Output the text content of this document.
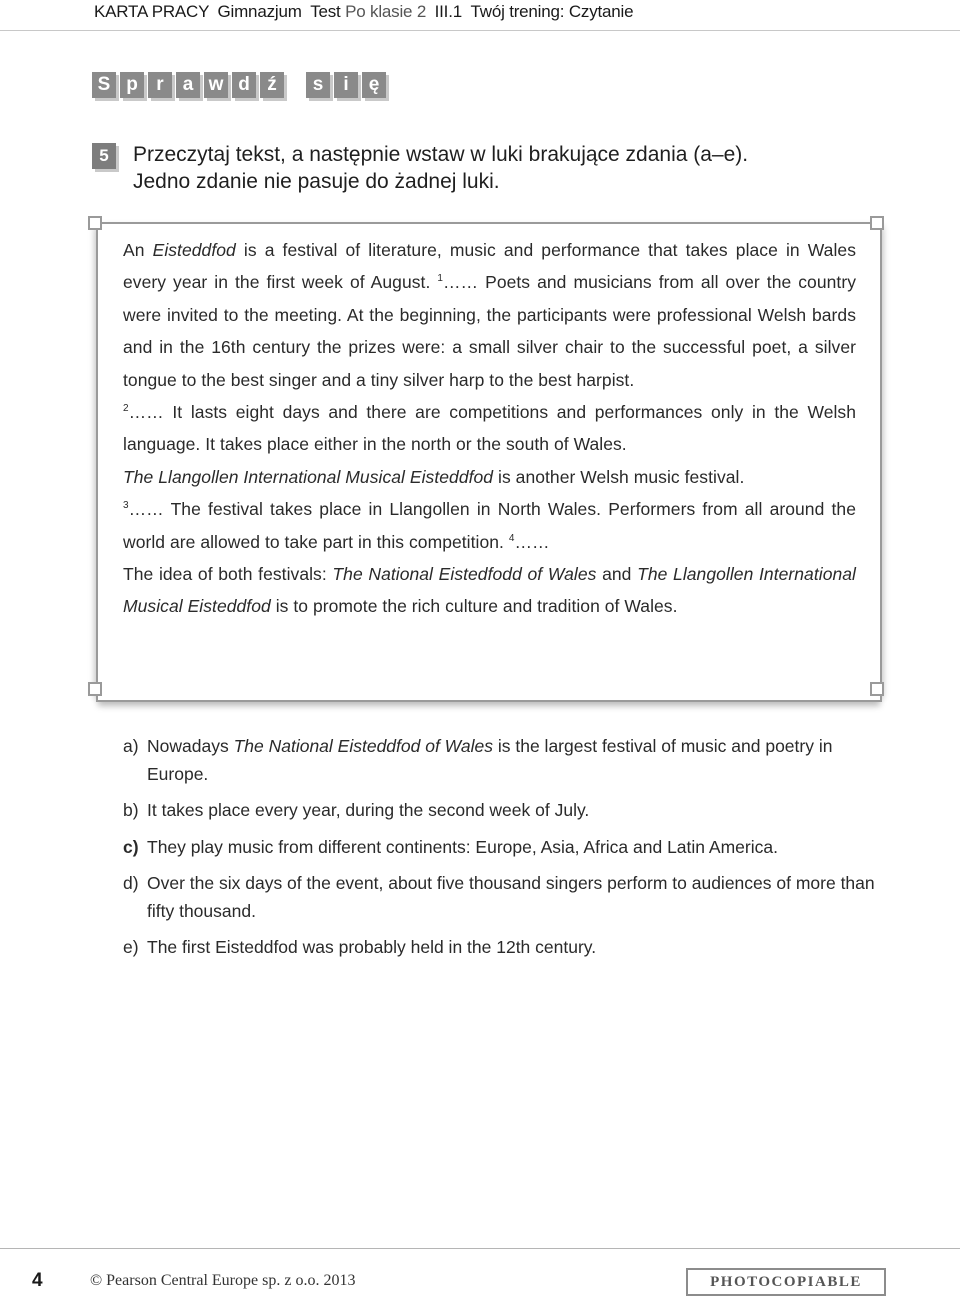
KARTA PRACY Gimnazjum Test Po klasie 2 III.1 Twój trening: Czytanie
S p r	a w d ź	s	i	ę
5	Przeczytaj tekst, a następnie wstaw w luki brakujące zdania (a–e).
Jedno zdanie nie pasuje do żadnej luki.

An Eisteddfod is a festival of literature, music and performance that takes place in Wales every year in the first week of August. $^1$…… Poets and musicians from all over the country were invited to the meeting. At the beginning, the participants were professional Welsh bards and in the 16th century the prizes were: a small silver chair to the successful poet, a silver tongue to the best singer and a tiny silver harp to the best harpist.

$^2$…… It lasts eight days and there are competitions and performances only in the Welsh language. It takes place either in the north or the south of Wales.

The Llangollen International Musical Eisteddfod is another Welsh music festival.

$^3$…… The festival takes place in Llangollen in North Wales. Performers from all around the world are allowed to take part in this competition. $^4$……

The idea of both festivals: The National Eistedfodd of Wales and The Llangollen International Musical Eisteddfod is to promote the rich culture and tradition of Wales.

a) Nowadays The National Eisteddfod of Wales is the largest festival of music and poetry in Europe.
b) It takes place every year, during the second week of July.
c) They play music from different continents: Europe, Asia, Africa and Latin America.
d) Over the six days of the event, about five thousand singers perform to audiences of more than fifty thousand.
e) The first Eisteddfod was probably held in the 12th century.
4	© Pearson Central Europe sp. z o.o. 2013	PHOTOCOPIABLE
